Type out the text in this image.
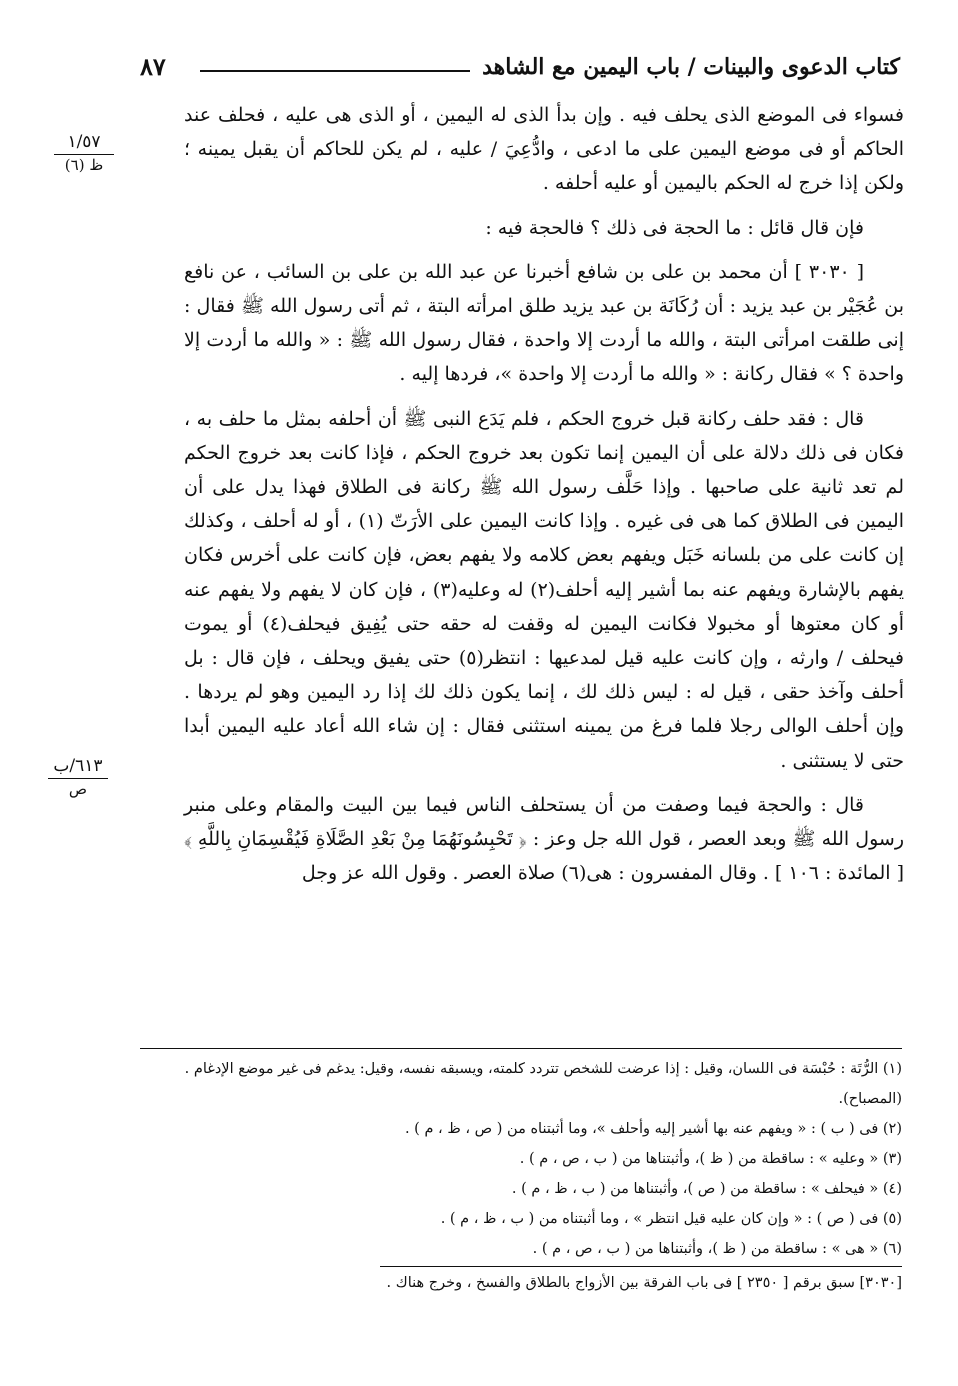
كتاب الدعوى والبينات / باب اليمين مع الشاهد
٨٧
١/٥٧
ظ (٦)
٦١٣/ب
ص

فسواء فى الموضع الذى يحلف فيه . وإن بدأ الذى له اليمين ، أو الذى هى عليه ، فحلف عند الحاكم أو فى موضع اليمين على ما ادعى ، وادُّعِيَ / عليه ، لم يكن للحاكم أن يقبل يمينه ؛ ولكن إذا خرج له الحكم باليمين أو عليه أحلفه .

فإن قال قائل : ما الحجة فى ذلك ؟ فالحجة فيه :

[ ٣٠٣٠ ] أن محمد بن على بن شافع أخبرنا عن عبد الله بن على بن السائب ، عن نافع بن عُجَيْر بن عبد يزيد : أن رُكَانَة بن عبد يزيد طلق امرأته البتة ، ثم أتى رسول الله ﷺ فقال : إنى طلقت امرأتى البتة ، والله ما أردت إلا واحدة ، فقال رسول الله ﷺ : « والله ما أردت إلا واحدة ؟ » فقال ركانة : « والله ما أردت إلا واحدة »، فردها إليه .

قال : فقد حلف ركانة قبل خروج الحكم ، فلم يَدَع النبى ﷺ أن أحلفه بمثل ما حلف به ، فكان فى ذلك دلالة على أن اليمين إنما تكون بعد خروج الحكم ، فإذا كانت بعد خروج الحكم لم تعد ثانية على صاحبها . وإذا حَلَّف رسول الله ﷺ ركانة فى الطلاق فهذا يدل على أن اليمين فى الطلاق كما هى فى غيره . وإذا كانت اليمين على الأرَتّ (١) ، أو له أحلف ، وكذلك إن كانت على من بلسانه خَبَل ويفهم بعض كلامه ولا يفهم بعض، فإن كانت على أخرس فكان يفهم بالإشارة ويفهم عنه بما أشير إليه أحلف(٢) له وعليه(٣) ، فإن كان لا يفهم ولا يفهم عنه أو كان معتوها أو مخبولا فكانت اليمين له وقفت له حقه حتى يُفِيق فيحلف(٤) أو يموت فيحلف / وارثه ، وإن كانت عليه قيل لمدعيها : انتظر(٥) حتى يفيق ويحلف ، فإن قال : بل أحلف وآخذ حقى ، قيل له : ليس ذلك لك ، إنما يكون ذلك لك إذا رد اليمين وهو لم يردها . وإن أحلف الوالى رجلا فلما فرغ من يمينه استثنى فقال : إن شاء الله أعاد عليه اليمين أبدا حتى لا يستثنى .

قال : والحجة فيما وصفت من أن يستحلف الناس فيما بين البيت والمقام وعلى منبر رسول الله ﷺ وبعد العصر ، قول الله جل وعز : ﴿ تَحْبِسُونَهُمَا مِنْ بَعْدِ الصَّلَاةِ فَيُقْسِمَانِ بِاللَّهِ ﴾ [ المائدة : ١٠٦ ] . وقال المفسرون : هى(٦) صلاة العصر . وقول الله عز وجل

(١) الرُّتَة : حُبْسَة فى اللسان، وقيل : إذا عرضت للشخص تتردد كلمته، ويسبقه نفسه، وقيل: يدغم فى غير موضع الإدغام . (المصباح).

(٢) فى ( ب ) : « ويفهم عنه بها أشير إليه وأحلف »، وما أثبتناه من ( ص ، ظ ، م ) .

(٣) « وعليه » : ساقطة من ( ظ )، وأثبتناها من ( ب ، ص ، م ) .

(٤) « فيحلف » : ساقطة من ( ص )، وأثبتناها من ( ب ، ظ ، م ) .

(٥) فى ( ص ) : « وإن كان عليه قيل انتظر » ، وما أثبتناه من ( ب ، ظ ، م ) .

(٦) « هى » : ساقطة من ( ظ )، وأثبتناها من ( ب ، ص ، م ) .

[٣٠٣٠] سبق برقم [ ٢٣٥٠ ] فى باب الفرقة بين الأزواج بالطلاق والفسخ ، وخرج هناك .
